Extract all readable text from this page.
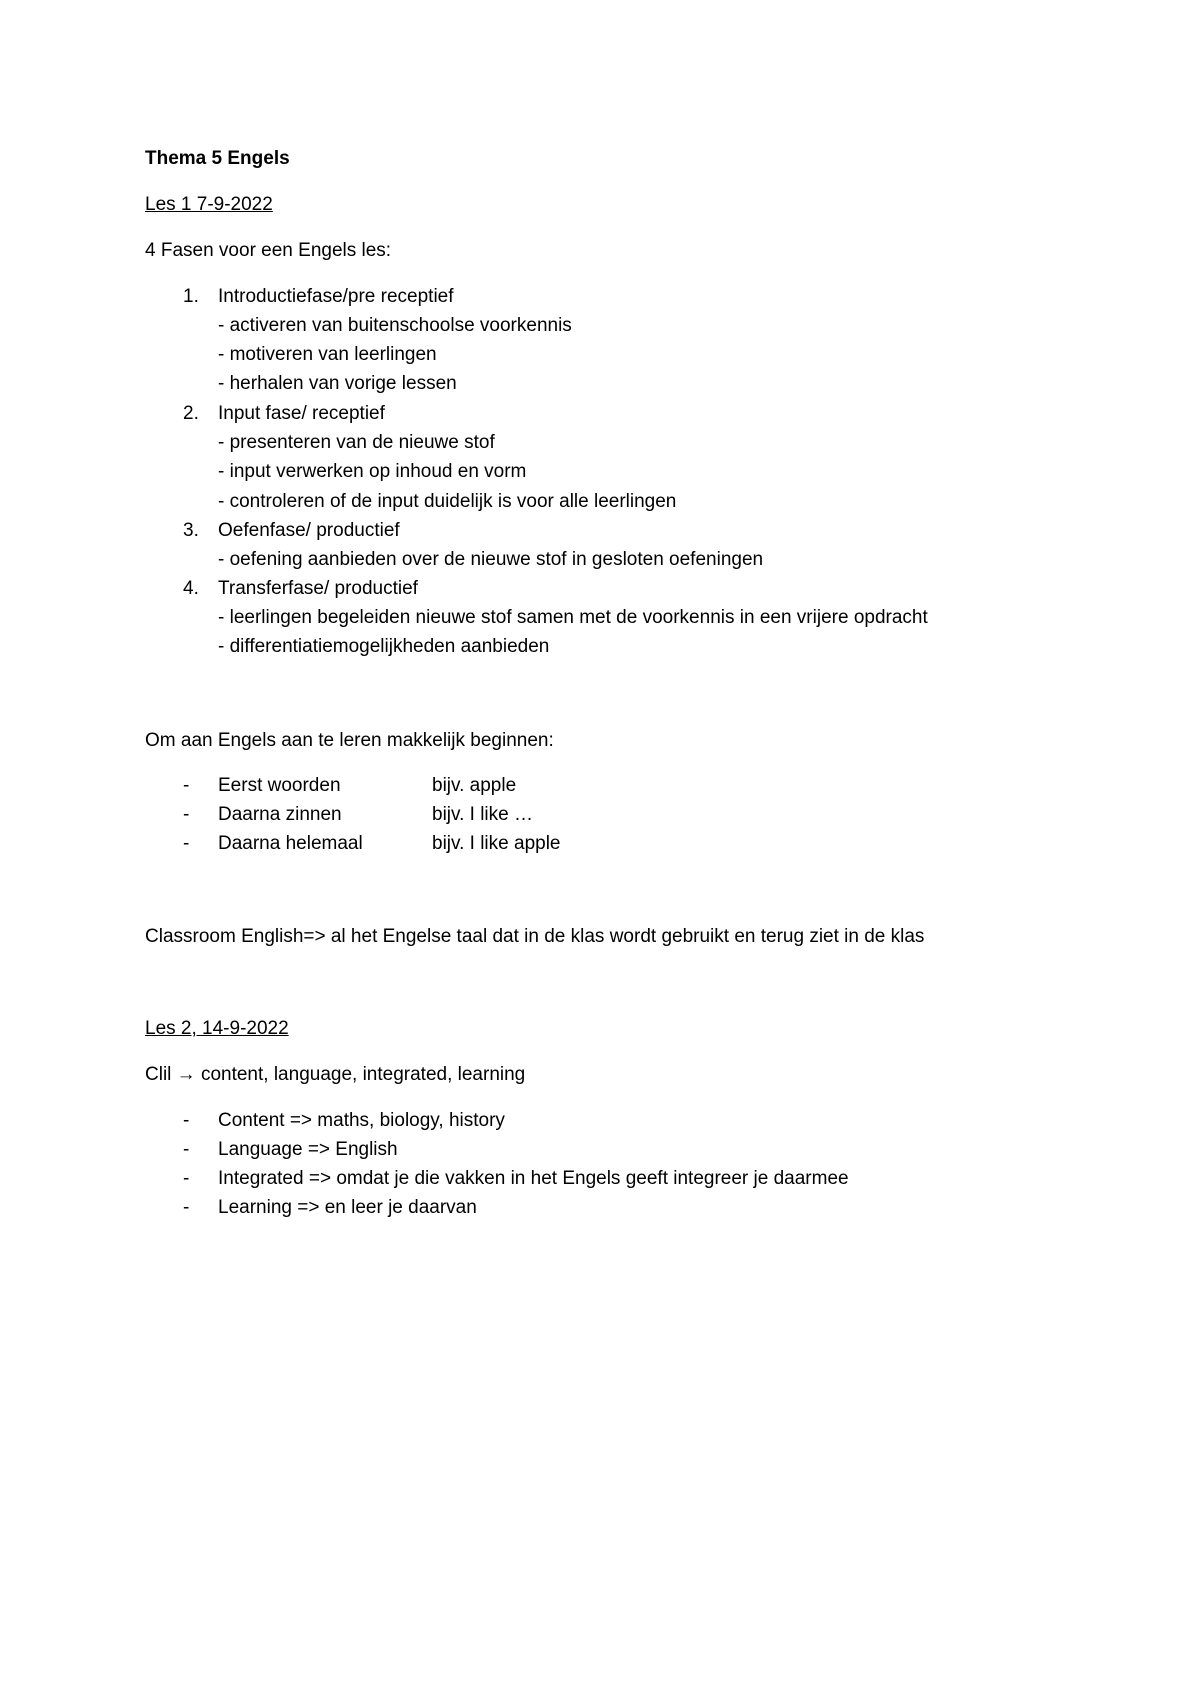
Thema 5 Engels
Les 1 7-9-2022
4 Fasen voor een Engels les:
1. Introductiefase/pre receptief
- activeren van buitenschoolse voorkennis
- motiveren van leerlingen
- herhalen van vorige lessen
2. Input fase/ receptief
- presenteren van de nieuwe stof
- input verwerken op inhoud en vorm
- controleren of de input duidelijk is voor alle leerlingen
3. Oefenfase/ productief
- oefening aanbieden over de nieuwe stof in gesloten oefeningen
4. Transferfase/ productief
- leerlingen begeleiden nieuwe stof samen met de voorkennis in een vrijere opdracht
- differentiatiemogelijkheden aanbieden
Om aan Engels aan te leren makkelijk beginnen:
- Eerst woorden	bijv. apple
- Daarna zinnen	bijv. I like …
- Daarna helemaal	bijv. I like apple
Classroom English=> al het Engelse taal dat in de klas wordt gebruikt en terug ziet in de klas
Les 2, 14-9-2022
Clil → content, language, integrated, learning
- Content => maths, biology, history
- Language => English
- Integrated => omdat je die vakken in het Engels geeft integreer je daarmee
- Learning => en leer je daarvan
